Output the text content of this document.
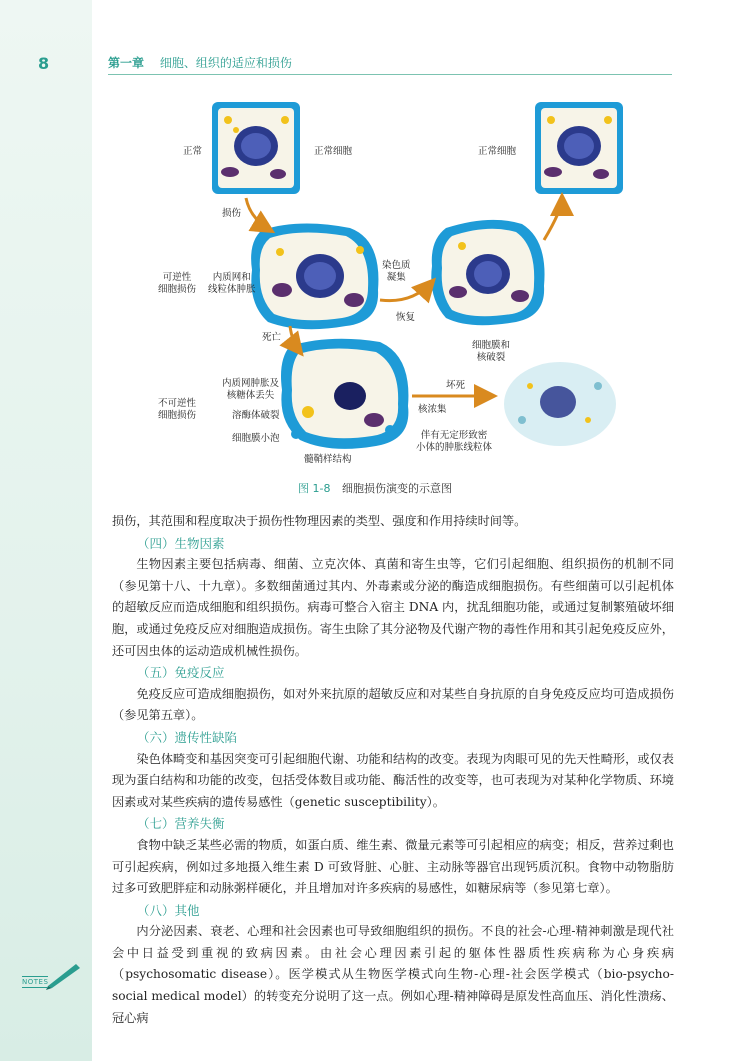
8	第一章 细胞、组织的适应和损伤
正常	正常细胞	正常细胞
损伤
可逆性
细胞损伤
内质网和
线粒体肿胀
染色质
凝集
恢复
死亡
细胞膜和
核破裂
内质网肿胀及
核糖体丢失
不可逆性
细胞损伤	溶酶体破裂
细胞膜小泡
髓鞘样结构
坏死
核浓集
伴有无定形致密
小体的肿胀线粒体
图 1-8 细胞损伤演变的示意图

损伤，其范围和程度取决于损伤性物理因素的类型、强度和作用持续时间等。

（四）生物因素

生物因素主要包括病毒、细菌、立克次体、真菌和寄生虫等，它们引起细胞、组织损伤的机制不同（参见第十八、十九章）。多数细菌通过其内、外毒素或分泌的酶造成细胞损伤。有些细菌可以引起机体的超敏反应而造成细胞和组织损伤。病毒可整合入宿主 DNA 内，扰乱细胞功能，或通过复制繁殖破坏细胞，或通过免疫反应对细胞造成损伤。寄生虫除了其分泌物及代谢产物的毒性作用和其引起免疫反应外，还可因虫体的运动造成机械性损伤。

（五）免疫反应

免疫反应可造成细胞损伤，如对外来抗原的超敏反应和对某些自身抗原的自身免疫反应均可造成损伤（参见第五章）。

（六）遗传性缺陷

染色体畸变和基因突变可引起细胞代谢、功能和结构的改变。表现为肉眼可见的先天性畸形，或仅表现为蛋白结构和功能的改变，包括受体数目或功能、酶活性的改变等，也可表现为对某种化学物质、环境因素或对某些疾病的遗传易感性（genetic susceptibility）。

（七）营养失衡

食物中缺乏某些必需的物质，如蛋白质、维生素、微量元素等可引起相应的病变；相反，营养过剩也可引起疾病，例如过多地摄入维生素 D 可致肾脏、心脏、主动脉等器官出现钙质沉积。食物中动物脂肪过多可致肥胖症和动脉粥样硬化，并且增加对许多疾病的易感性，如糖尿病等（参见第七章）。

（八）其他

内分泌因素、衰老、心理和社会因素也可导致细胞组织的损伤。不良的社会-心理-精神刺激是现代社会中日益受到重视的致病因素。由社会心理因素引起的躯体性器质性疾病称为心身疾病（psychosomatic disease）。医学模式从生物医学模式向生物-心理-社会医学模式（bio-psycho-social medical model）的转变充分说明了这一点。例如心理-精神障碍是原发性高血压、消化性溃疡、冠心病

NOTES
